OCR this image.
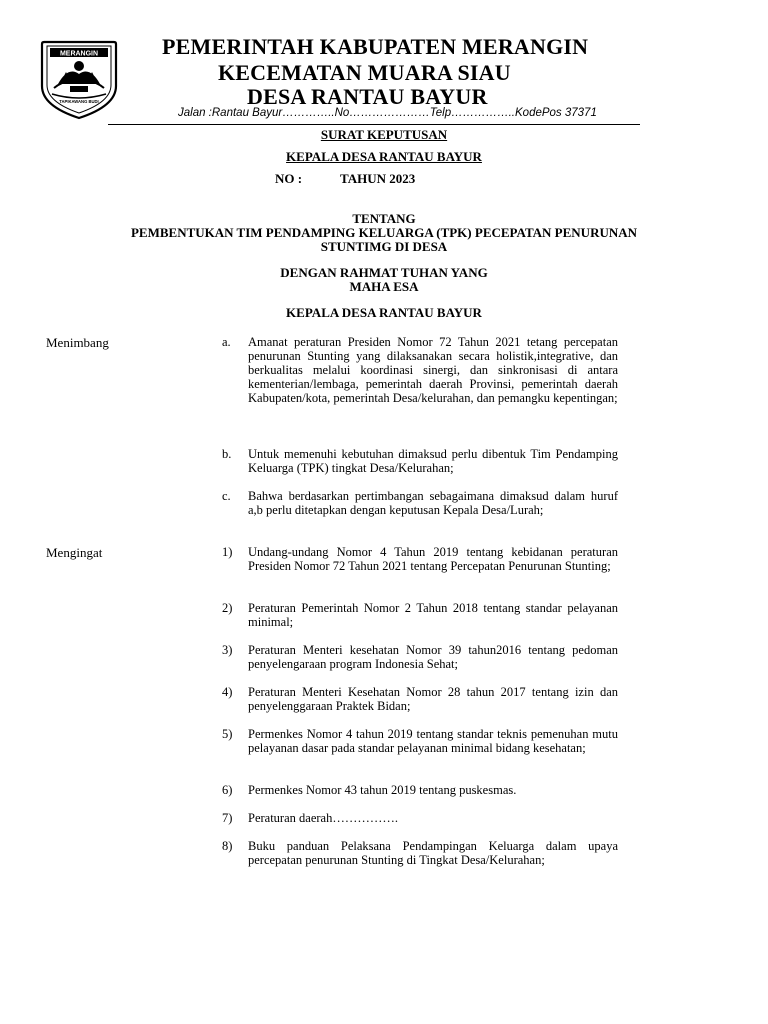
MERANGIN
TAPIKAWANG BUDI
PEMERINTAH KABUPATEN MERANGIN
KECEMATAN MUARA SIAU
DESA RANTAU BAYUR
Jalan :Rantau Bayur…………..No…………………Telp……………..KodePos 37371
SURAT KEPUTUSAN
KEPALA DESA RANTAU BAYUR
NO :	TAHUN 2023
TENTANG
PEMBENTUKAN TIM PENDAMPING KELUARGA (TPK) PECEPATAN PENURUNAN
STUNTIMG DI DESA
DENGAN RAHMAT TUHAN YANG
MAHA ESA
KEPALA DESA RANTAU BAYUR
Menimbang	a.	Amanat peraturan Presiden Nomor 72 Tahun 2021 tetang percepatan penurunan Stunting yang dilaksanakan secara holistik,integrative, dan berkualitas melalui koordinasi sinergi, dan sinkronisasi di antara kementerian/lembaga, pemerintah daerah Provinsi, pemerintah daerah Kabupaten/kota, pemerintah Desa/kelurahan, dan pemangku kepentingan;
b.	Untuk memenuhi kebutuhan dimaksud perlu dibentuk Tim Pendamping Keluarga (TPK) tingkat Desa/Kelurahan;
c.	Bahwa berdasarkan pertimbangan sebagaimana dimaksud dalam huruf a,b perlu ditetapkan dengan keputusan Kepala Desa/Lurah;
Mengingat	1)	Undang-undang Nomor 4 Tahun 2019 tentang kebidanan peraturan Presiden Nomor 72 Tahun 2021 tentang Percepatan Penurunan Stunting;
2)	Peraturan Pemerintah Nomor 2 Tahun 2018 tentang standar pelayanan minimal;
3)	Peraturan Menteri kesehatan Nomor 39 tahun2016 tentang pedoman penyelengaraan program Indonesia Sehat;
4)	Peraturan Menteri Kesehatan Nomor 28 tahun 2017 tentang izin dan penyelenggaraan Praktek Bidan;
5)	Permenkes Nomor 4 tahun 2019 tentang standar teknis pemenuhan mutu pelayanan dasar pada standar pelayanan minimal bidang kesehatan;
6)	Permenkes Nomor 43 tahun 2019 tentang puskesmas.
7)	Peraturan daerah…………….
8)	Buku panduan Pelaksana Pendampingan Keluarga dalam upaya percepatan penurunan Stunting di Tingkat Desa/Kelurahan;
